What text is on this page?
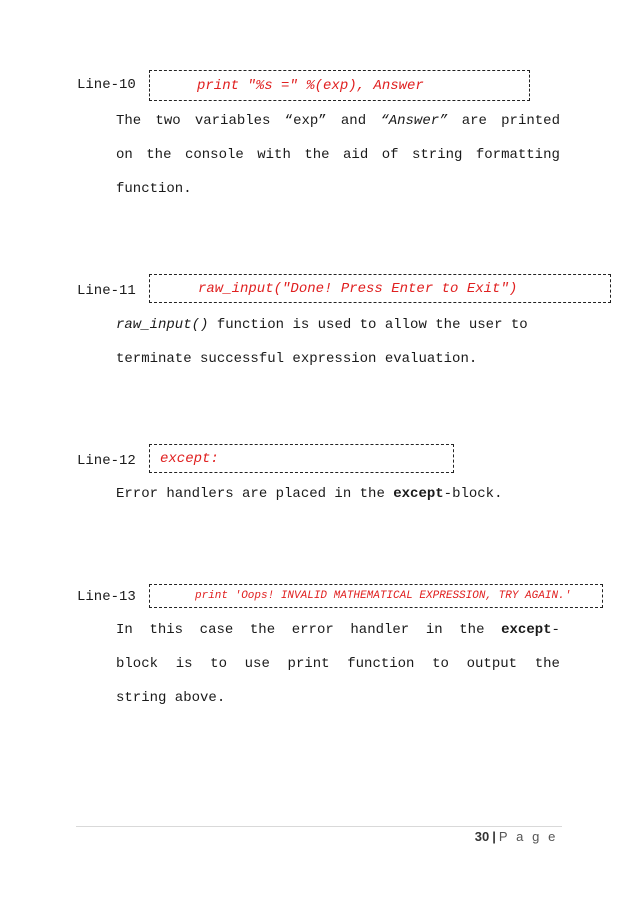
Line-10	print "%s =" %(exp), Answer
The two variables “exp” and “Answer” are printed
on the console with the aid of string formatting
function.
Line-11	raw_input("Done! Press Enter to Exit")
raw_input() function is used to allow the user to
terminate successful expression evaluation.
Line-12 except:
Error handlers are placed in the except-block.
Line-13	print 'Oops! INVALID MATHEMATICAL EXPRESSION, TRY AGAIN.'
In this case the error handler in the except-
block is to use print function to output the
string above.
30 | P a g e
